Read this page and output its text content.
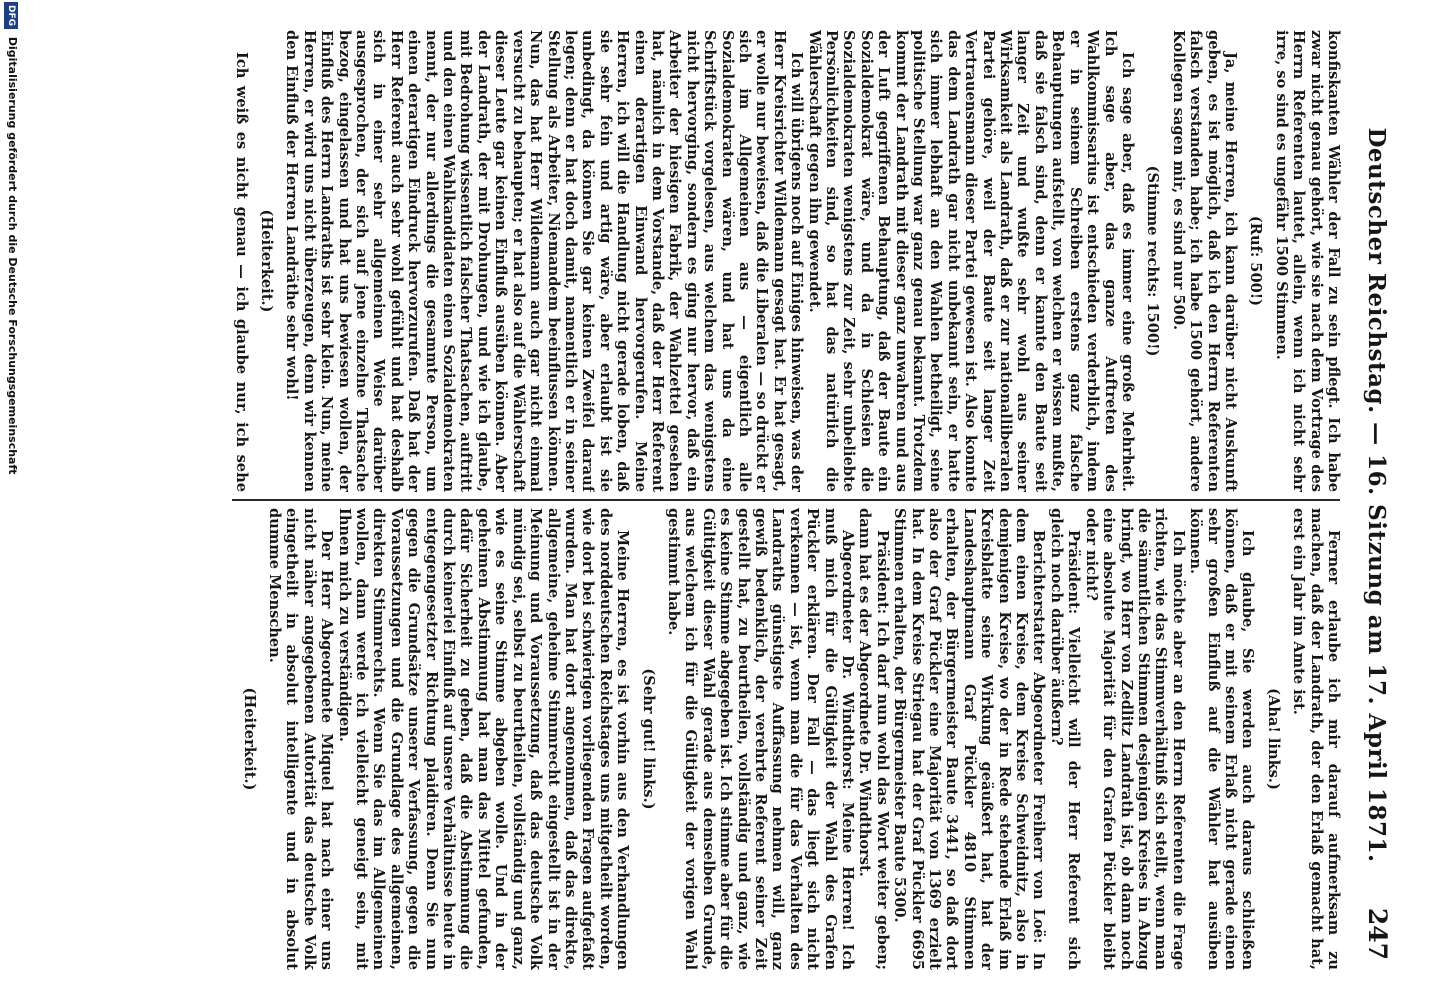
Deutscher Reichstag. — 16. Sitzung am 17. April 1871.
247

konfiskanten Wähler der Fall zu sein pflegt. Ich habe zwar nicht genau gehört, wie sie nach dem Vortrage des Herrn Referenten lautet, allein, wenn ich nicht sehr irre, so sind es ungefähr 1500 Stimmen.

(Ruf: 500!)

Ja, meine Herren, ich kann darüber nicht Auskunft geben, es ist möglich, daß ich den Herrn Referenten falsch verstanden habe; ich habe 1500 gehört, andere Kollegen sagen mir, es sind nur 500.

(Stimme rechts: 1500!)

Ich sage aber, daß es immer eine große Mehrheit. Ich sage aber, das ganze Auftreten des Wahlkommissarius ist entschieden verderblich, indem er in seinem Schreiben erstens ganz falsche Behauptungen aufstellt, von welchen er wissen mußte, daß sie falsch sind, denn er kannte den Baute seit langer Zeit und wußte sehr wohl aus seiner Wirksamkeit als Landrath, daß er zur nationalliberalen Partei gehöre, weil der Baute seit langer Zeit Vertrauensmann dieser Partei gewesen ist. Also konnte das dem Landrath gar nicht unbekannt sein, er hatte sich immer lebhaft an den Wahlen betheiligt, seine politische Stellung war ganz genau bekannt. Trotzdem kommt der Landrath mit dieser ganz unwahren und aus der Luft gegriffenen Behauptung, daß der Baute ein Sozialdemokrat wäre, und da in Schlesien die Sozialdemokraten wenigstens zur Zeit, sehr unbeliebte Persönlichkeiten sind, so hat das natürlich die Wählerschaft gegen ihn gewendet.

Ich will übrigens noch auf Einiges hinweisen, was der Herr Kreisrichter Wildemann gesagt hat. Er hat gesagt, er wolle nur beweisen, daß die Liberalen — so drückt er sich im Allgemeinen aus — eigentlich alle Sozialdemokraten wären, und hat uns da eine Schriftstück vorgelesen, aus welchem das wenigstens nicht hervorging, sondern es ging nur hervor, daß ein Arbeiter der hiesigen Fabrik, der Wahlzettel gesehen hat, nämlich in dem Vorstande, daß der Herr Referent einen derartigen Einwand hervorgerufen. Meine Herren, ich will die Handlung nicht gerade loben, daß sie sehr fein und artig wäre, aber erlaubt ist sie unbedingt, da können Sie gar keinen Zweifel darauf legen; denn er hat doch damit, namentlich er in seiner Stellung als Arbeiter, Niemandem beeinflussen können. Nun, das hat Herr Wildemann auch gar nicht einmal versucht zu behaupten; er hat also auf die Wählerschaft dieser Leute gar keinen Einfluß ausüben können. Aber der Landrath, der mit Drohungen, und wie ich glaube, mit Bedrohung wissentlich falscher Thatsachen, auftritt und den einen Wahlkandidaten einen Sozialdemokraten nennt, der nur allerdings die gesammte Person, um einen derartigen Eindruck hervorzurufen. Daß hat der Herr Referent auch sehr wohl gefühlt und hat deshalb sich in einer sehr allgemeinen Weise darüber ausgesprochen, der sich auf jene einzelne Thatsache bezog, eingelassen und hat uns bewiesen wollen, der Einfluß des Herrn Landraths ist sehr klein. Nun, meine Herren, er wird uns nicht überzeugen, denn wir kennen den Einfluß der Herren Landräthe sehr wohl!

(Heiterkeit.)

Ich weiß es nicht genau — ich glaube nur, ich sehe

Ferner erlaube ich mir darauf aufmerksam zu machen, daß der Landrath, der den Erlaß gemacht hat, erst ein Jahr im Amte ist.

(Aha! links.)

Ich glaube, Sie werden auch daraus schließen können, daß er mit seinem Erlaß nicht gerade einen sehr großen Einfluß auf die Wähler hat ausüben können.

Ich möchte aber an den Herrn Referenten die Frage richten, wie das Stimmverhältniß sich stellt, wenn man die sämmtlichen Stimmen desjenigen Kreises in Abzug bringt, wo Herr von Zedlitz Landrath ist, ob dann noch eine absolute Majorität für den Grafen Pückler bleibt oder nicht?

Präsident: Vielleicht will der Herr Referent sich gleich noch darüber äußern?

Berichterstatter Abgeordneter Freiherr von Loë: In dem einen Kreise, dem Kreise Schweidnitz, also in demjenigen Kreise, wo der in Rede stehende Erlaß im Kreisblatte seine Wirkung geäußert hat, hat der Landeshauptmann Graf Pückler 4810 Stimmen erhalten, der Bürgermeister Baute 3441, so daß dort also der Graf Pückler eine Majorität von 1369 erzielt hat. In dem Kreise Striegau hat der Graf Pückler 6695 Stimmen erhalten, der Bürgermeister Baute 5300.

Präsident: Ich darf nun wohl das Wort weiter geben; dann hat es der Abgeordnete Dr. Windthorst.

Abgeordneter Dr. Windthorst: Meine Herren! Ich muß mich für die Gültigkeit der Wahl des Grafen Pückler erklären. Der Fall — das liegt sich nicht verkennen — ist, wenn man die für das Verhalten des Landraths günstigste Auffassung nehmen will, ganz gewiß bedenklich, der verehrte Referent seiner Zeit gestellt hat, zu beurtheilen, vollständig und ganz, wie es keine Stimme abgegeben ist. Ich stimme aber für die Gültigkeit dieser Wahl gerade aus demselben Grunde, aus welchem ich für die Gültigkeit der vorigen Wahl gestimmt habe.

(Sehr gut! links.)

Meine Herren, es ist vorhin aus den Verhandlungen des norddeutschen Reichstages uns mitgetheilt worden, wie dort bei schwierigen vorliegenden Fragen aufgefaßt wurden. Man hat dort angenommen, daß das direkte, allgemeine, geheime Stimmrecht eingestellt ist in der Meinung und Voraussetzung, daß das deutsche Volk mündig sei, selbst zu beurtheilen, vollständig und ganz, wie es seine Stimme abgeben wolle. Und in der geheimen Abstimmung hat man das Mittel gefunden, dafür Sicherheit zu geben, daß die Abstimmung die durch keinerlei Einfluß auf unsere Verhältnisse heute in entgegengesetzter Richtung plaidiren. Denn Sie nun gegen die Grundsätze unserer Verfassung, gegen die Voraussetzungen und die Grundlage des allgemeinen, direkten Stimmrechts. Wenn Sie das im Allgemeinen wollen, dann werde ich vielleicht geneigt sein, mit Ihnen mich zu verständigen.

Der Herr Abgeordnete Miquel hat nach einer uns nicht näher angegebenen Autorität das deutsche Volk eingetheilt in absolut intelligente und in absolut dumme Menschen.

(Heiterkeit.)

DFG Digitalisierung gefördert durch die Deutsche Forschungsgemeinschaft
